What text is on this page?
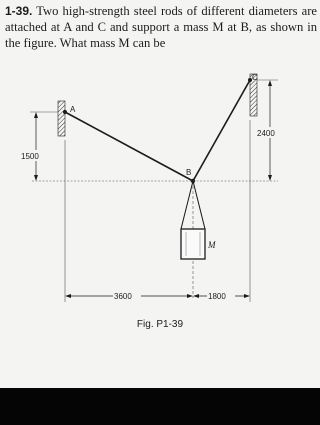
1-39. Two high-strength steel rods of different diameters are attached at A and C and support a mass M at B, as shown in the figure. What mass M can be

A
B
C
M
1500
2400
3600	1800
Fig. P1-39
